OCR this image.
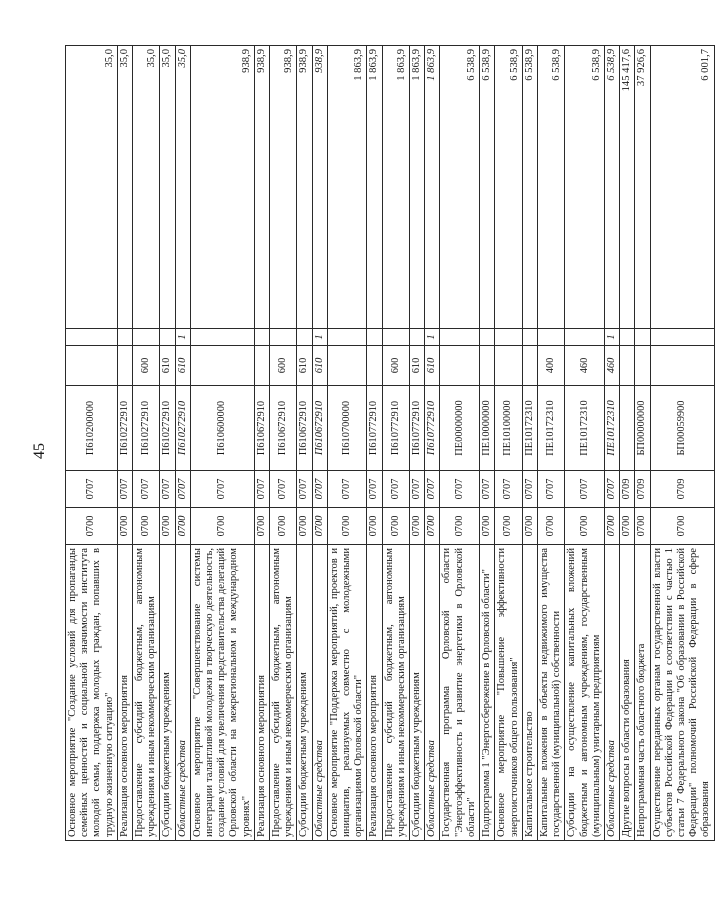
45
Основное мероприятие "Создание условий для пропаганды семейных ценностей и социальной значимости института молодой семьи, поддержка молодых граждан, попавших в трудную жизненную ситуацию"	0700	0707	П610200000			35,0
Реализация основного мероприятия	0700	0707	П610272910			35,0
Предоставление субсидий бюджетным, автономным учреждениям и иным некоммерческим организациям	0700	0707	П610272910	600		35,0
Субсидии бюджетным учреждениям	0700	0707	П610272910	610		35,0
Областные средства	0700	0707	П610272910	610	1	35,0
Основное мероприятие "Совершенствование системы интеграции талантливой молодежи в творческую деятельность, создание условий для увеличения представительства делегаций Орловской области на межрегиональном и международном уровнях"	0700	0707	П610600000			938,9
Реализация основного мероприятия	0700	0707	П610672910			938,9
Предоставление субсидий бюджетным, автономным учреждениям и иным некоммерческим организациям	0700	0707	П610672910	600		938,9
Субсидии бюджетным учреждениям	0700	0707	П610672910	610		938,9
Областные средства	0700	0707	П610672910	610	1	938,9
Основное мероприятие "Поддержка мероприятий, проектов и инициатив, реализуемых совместно с молодежными организациями Орловской области"	0700	0707	П610700000			1 863,9
Реализация основного мероприятия	0700	0707	П610772910			1 863,9
Предоставление субсидий бюджетным, автономным учреждениям и иным некоммерческим организациям	0700	0707	П610772910	600		1 863,9
Субсидии бюджетным учреждениям	0700	0707	П610772910	610		1 863,9
Областные средства	0700	0707	П610772910	610	1	1 863,9
Государственная программа Орловской области "Энергоэффективность и развитие энергетики в Орловской области"	0700	0707	ПЕ00000000			6 538,9
Подпрограмма 1 "Энергосбережение в Орловской области"	0700	0707	ПЕ10000000			6 538,9
Основное мероприятие "Повышение эффективности энергоисточников общего пользования"	0700	0707	ПЕ10100000			6 538,9
Капитальное строительство	0700	0707	ПЕ10172310			6 538,9
Капитальные вложения в объекты недвижимого имущества государственной (муниципальной) собственности	0700	0707	ПЕ10172310	400		6 538,9
Субсидии на осуществление капитальных вложений бюджетным и автономным учреждениям, государственным (муниципальным) унитарным предприятиям	0700	0707	ПЕ10172310	460		6 538,9
Областные средства	0700	0707	ПЕ10172310	460	1	6 538,9
Другие вопросы в области образования	0700	0709				145 417,6
Непрограммная часть областного бюджета	0700	0709	БП00000000			37 926,6
Осуществление переданных органам государственной власти субъектов Российской Федерации в соответствии с частью 1 статьи 7 Федерального закона "Об образовании в Российской Федерации" полномочий Российской Федерации в сфере образования	0700	0709	БП00059900			6 001,7
